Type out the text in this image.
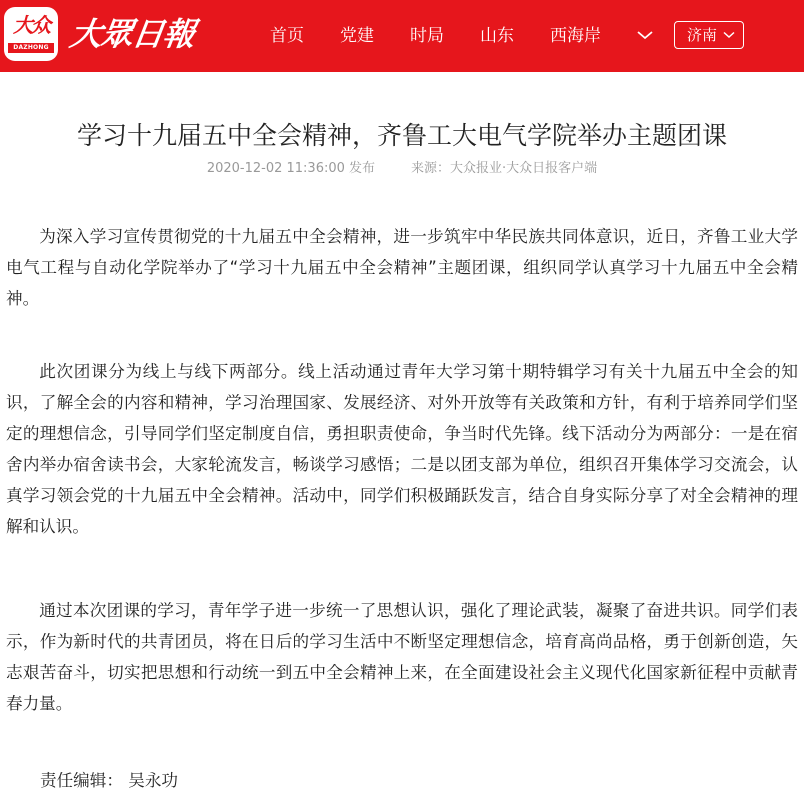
大众
DAZHONG 大眾日報	首页 党建 时局 山东 西海岸	济南
学习十九届五中全会精神，齐鲁工大电气学院举办主题团课
2020-12-02 11:36:00 发布	来源：大众报业·大众日报客户端

为深入学习宣传贯彻党的十九届五中全会精神，进一步筑牢中华民族共同体意识，近日，齐鲁工业大学电气工程与自动化学院举办了“学习十九届五中全会精神”主题团课，组织同学认真学习十九届五中全会精神。

此次团课分为线上与线下两部分。线上活动通过青年大学习第十期特辑学习有关十九届五中全会的知识，了解全会的内容和精神，学习治理国家、发展经济、对外开放等有关政策和方针，有利于培养同学们坚定的理想信念，引导同学们坚定制度自信，勇担职责使命，争当时代先锋。线下活动分为两部分：一是在宿舍内举办宿舍读书会，大家轮流发言，畅谈学习感悟；二是以团支部为单位，组织召开集体学习交流会，认真学习领会党的十九届五中全会精神。活动中，同学们积极踊跃发言，结合自身实际分享了对全会精神的理解和认识。

通过本次团课的学习，青年学子进一步统一了思想认识，强化了理论武装，凝聚了奋进共识。同学们表示，作为新时代的共青团员，将在日后的学习生活中不断坚定理想信念，培育高尚品格，勇于创新创造，矢志艰苦奋斗，切实把思想和行动统一到五中全会精神上来，在全面建设社会主义现代化国家新征程中贡献青春力量。

责任编辑： 吴永功
